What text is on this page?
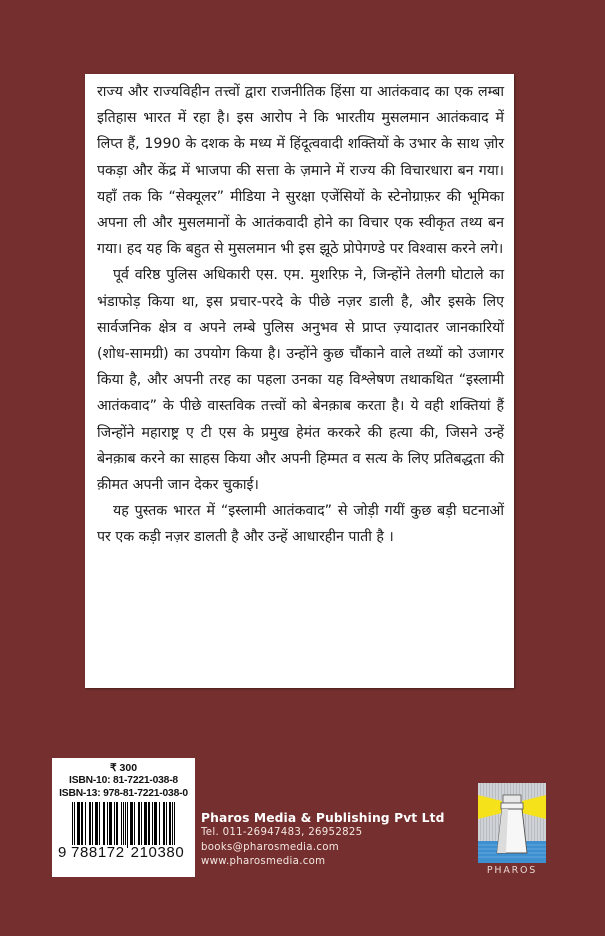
राज्य और राज्यविहीन तत्त्वों द्वारा राजनीतिक हिंसा या आतंकवाद का एक लम्बा इतिहास भारत में रहा है। इस आरोप ने कि भारतीय मुसलमान आतंकवाद में लिप्त हैं, 1990 के दशक के मध्य में हिंदूत्ववादी शक्तियों के उभार के साथ ज़ोर पकड़ा और केंद्र में भाजपा की सत्ता के ज़माने में राज्य की विचारधारा बन गया। यहाँ तक कि “सेक्यूलर” मीडिया ने सुरक्षा एजेंसियों के स्टेनोग्राफ़र की भूमिका अपना ली और मुसलमानों के आतंकवादी होने का विचार एक स्वीकृत तथ्य बन गया। हद यह कि बहुत से मुसलमान भी इस झूठे प्रोपेगण्डे पर विश्वास करने लगे।

पूर्व वरिष्ठ पुलिस अधिकारी एस. एम. मुशरिफ़ ने, जिन्होंने तेलगी घोटाले का भंडाफोड़ किया था, इस प्रचार-परदे के पीछे नज़र डाली है, और इसके लिए सार्वजनिक क्षेत्र व अपने लम्बे पुलिस अनुभव से प्राप्त ज़्यादातर जानकारियों (शोध-सामग्री) का उपयोग किया है। उन्होंने कुछ चौंकाने वाले तथ्यों को उजागर किया है, और अपनी तरह का पहला उनका यह विश्लेषण तथाकथित “इस्लामी आतंकवाद” के पीछे वास्तविक तत्त्वों को बेनक़ाब करता है। ये वही शक्तियां हैं जिन्होंने महाराष्ट्र ए टी एस के प्रमुख हेमंत करकरे की हत्या की, जिसने उन्हें बेनक़ाब करने का साहस किया और अपनी हिम्मत व सत्य के लिए प्रतिबद्धता की क़ीमत अपनी जान देकर चुकाई।

यह पुस्तक भारत में “इस्लामी आतंकवाद” से जोड़ी गयीं कुछ बड़ी घटनाओं पर एक कड़ी नज़र डालती है और उन्हें आधारहीन पाती है ।

₹ 300
ISBN-10: 81-7221-038-8
ISBN-13: 978-81-7221-038-0
9 788172 210380
Pharos Media & Publishing Pvt Ltd
Tel. 011-26947483, 26952825
books@pharosmedia.com
www.pharosmedia.com
PHAROS
